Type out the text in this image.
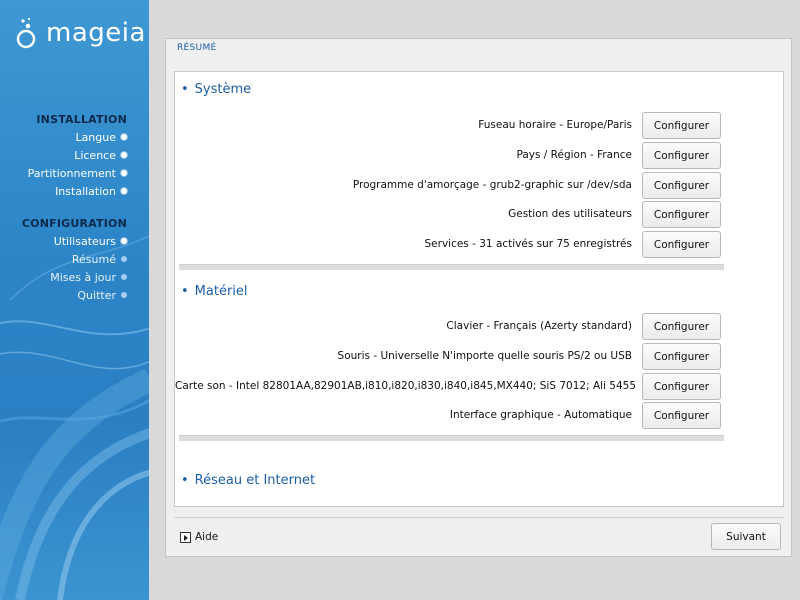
mageia
INSTALLATION
Langue
Licence
Partitionnement
Installation
CONFIGURATION
Utilisateurs
Résumé
Mises à jour
Quitter
RÉSUMÉ
• Système
Fuseau horaire - Europe/Paris	Configurer
Pays / Région - France	Configurer
Programme d'amorçage - grub2-graphic sur /dev/sda	Configurer
Gestion des utilisateurs	Configurer
Services - 31 activés sur 75 enregistrés	Configurer
• Matériel
Clavier - Français (Azerty standard)	Configurer
Souris - Universelle N'importe quelle souris PS/2 ou USB	Configurer
Carte son - Intel 82801AA,82901AB,i810,i820,i830,i840,i845,MX440; SiS 7012; Ali 5455	Configurer
Interface graphique - Automatique	Configurer
• Réseau et Internet
Aide	Suivant
